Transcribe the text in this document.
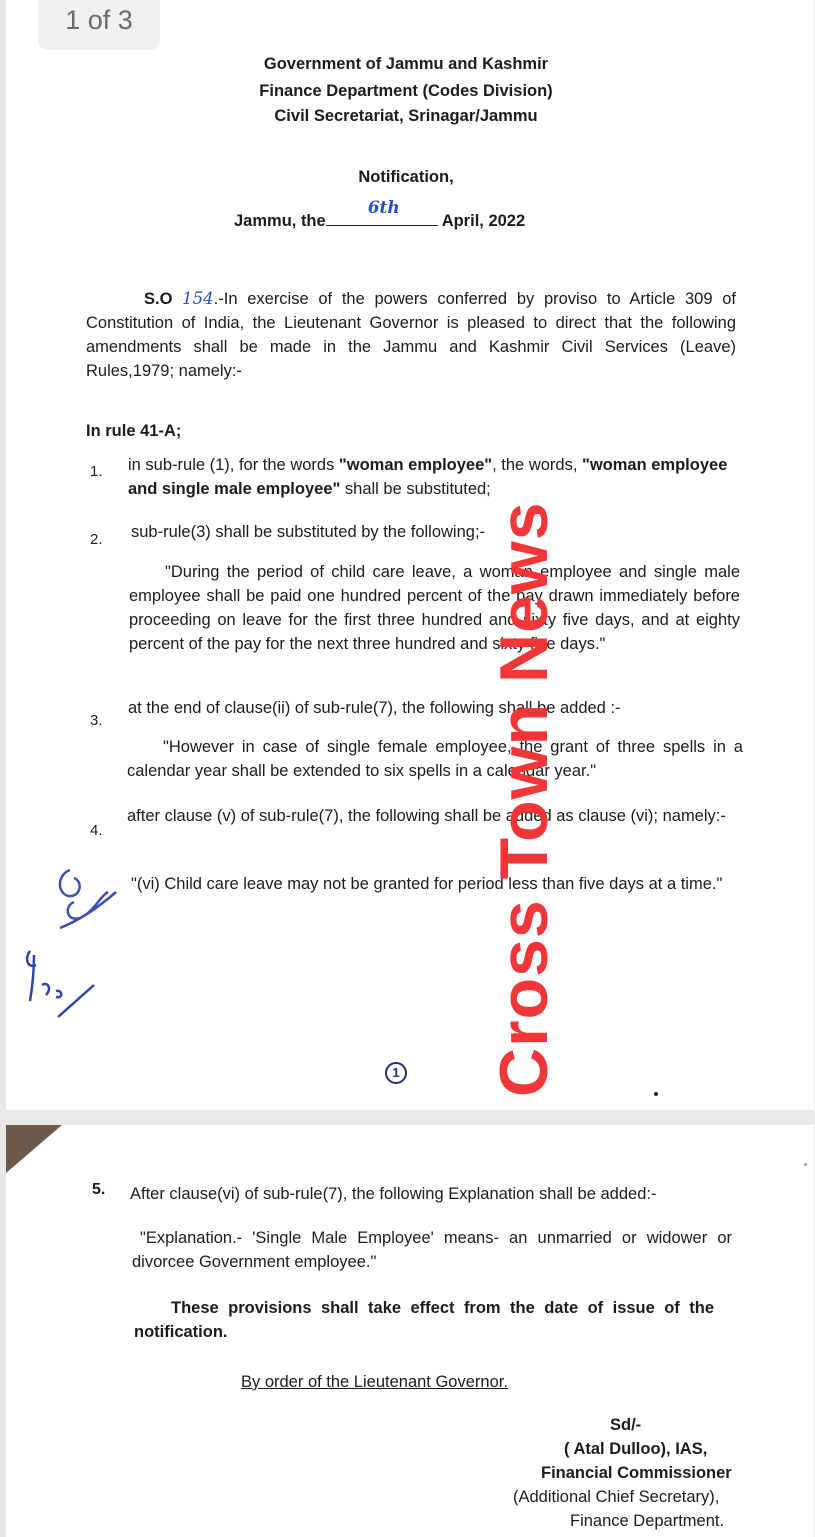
Government of Jammu and Kashmir
Finance Department (Codes Division)
Civil Secretariat, Srinagar/Jammu
Notification,
Jammu, the
6th
April, 2022
S.O 154.-In exercise of the powers conferred by proviso to Article 309 of Constitution of India, the Lieutenant Governor is pleased to direct that the following amendments shall be made in the Jammu and Kashmir Civil Services (Leave) Rules,1979; namely:-
In rule 41-A;
1. in sub-rule (1), for the words "woman employee", the words, "woman employee and single male employee" shall be substituted;
2. sub-rule(3) shall be substituted by the following;-
"During the period of child care leave, a woman employee and single male employee shall be paid one hundred percent of the pay drawn immediately before proceeding on leave for the first three hundred and sixty five days, and at eighty percent of the pay for the next three hundred and sixty five days."
3.
at the end of clause(ii) of sub-rule(7), the following shall be added :-
"However in case of single female employee, the grant of three spells in a calendar year shall be extended to six spells in a calendar year."
4.
after clause (v) of sub-rule(7), the following shall be added as clause (vi); namely:-
"(vi) Child care leave may not be granted for period less than five days at a time."
1
1 of 3
5. After clause(vi) of sub-rule(7), the following Explanation shall be added:-
"Explanation.- 'Single Male Employee' means- an unmarried or widower or divorcee Government employee."
These provisions shall take effect from the date of issue of the notification.
By order of the Lieutenant Governor.
Sd/-
( Atal Dulloo), IAS,
Financial Commissioner
(Additional Chief Secretary),
Finance Department.
Cross Town News
